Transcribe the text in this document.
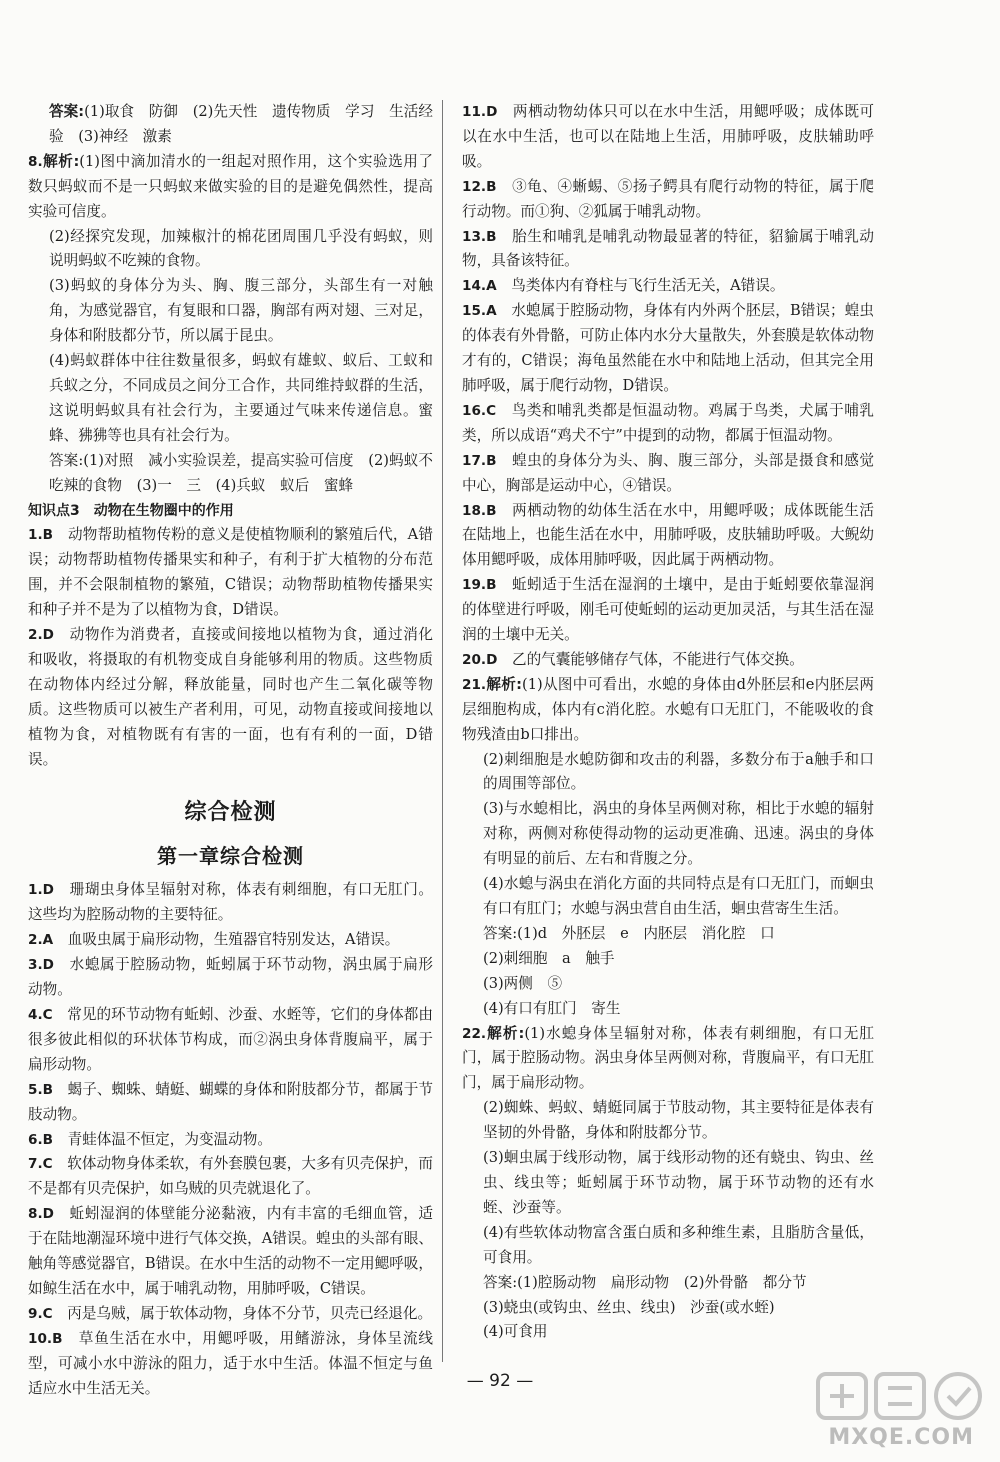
答案:(1)取食　防御　(2)先天性　遗传物质　学习　生活经验　(3)神经　激素

8.解析:(1)图中滴加清水的一组起对照作用，这个实验选用了数只蚂蚁而不是一只蚂蚁来做实验的目的是避免偶然性，提高实验可信度。

(2)经探究发现，加辣椒汁的棉花团周围几乎没有蚂蚁，则说明蚂蚁不吃辣的食物。

(3)蚂蚁的身体分为头、胸、腹三部分，头部生有一对触角，为感觉器官，有复眼和口器，胸部有两对翅、三对足，身体和附肢都分节，所以属于昆虫。

(4)蚂蚁群体中往往数量很多，蚂蚁有雄蚁、蚁后、工蚁和兵蚁之分，不同成员之间分工合作，共同维持蚁群的生活，这说明蚂蚁具有社会行为，主要通过气味来传递信息。蜜蜂、狒狒等也具有社会行为。

答案:(1)对照　减小实验误差，提高实验可信度　(2)蚂蚁不吃辣的食物　(3)一　三　(4)兵蚁　蚁后　蜜蜂

知识点3　动物在生物圈中的作用

1.B　 动物帮助植物传粉的意义是使植物顺利的繁殖后代，A错误；动物帮助植物传播果实和种子，有利于扩大植物的分布范围，并不会限制植物的繁殖，C错误；动物帮助植物传播果实和种子并不是为了以植物为食，D错误。

2.D　 动物作为消费者，直接或间接地以植物为食，通过消化和吸收，将摄取的有机物变成自身能够利用的物质。这些物质在动物体内经过分解，释放能量，同时也产生二氧化碳等物质。这些物质可以被生产者利用，可见，动物直接或间接地以植物为食，对植物既有有害的一面，也有有利的一面，D错误。

综合检测
第一章综合检测

1.D　 珊瑚虫身体呈辐射对称，体表有刺细胞，有口无肛门。这些均为腔肠动物的主要特征。

2.A　 血吸虫属于扁形动物，生殖器官特别发达，A错误。

3.D　 水螅属于腔肠动物，蚯蚓属于环节动物，涡虫属于扁形动物。

4.C　 常见的环节动物有蚯蚓、沙蚕、水蛭等，它们的身体都由很多彼此相似的环状体节构成，而②涡虫身体背腹扁平，属于扁形动物。

5.B　 蝎子、蜘蛛、蜻蜓、蝴蝶的身体和附肢都分节，都属于节肢动物。

6.B　 青蛙体温不恒定，为变温动物。

7.C　 软体动物身体柔软，有外套膜包裹，大多有贝壳保护，而不是都有贝壳保护，如乌贼的贝壳就退化了。

8.D　 蚯蚓湿润的体壁能分泌黏液，内有丰富的毛细血管，适于在陆地潮湿环境中进行气体交换，A错误。蝗虫的头部有眼、触角等感觉器官，B错误。在水中生活的动物不一定用鳃呼吸，如鲸生活在水中，属于哺乳动物，用肺呼吸，C错误。

9.C　 丙是乌贼，属于软体动物，身体不分节，贝壳已经退化。

10.B　 草鱼生活在水中，用鳃呼吸，用鳍游泳，身体呈流线型，可减小水中游泳的阻力，适于水中生活。体温不恒定与鱼适应水中生活无关。

11.D　 两栖动物幼体只可以在水中生活，用鳃呼吸；成体既可以在水中生活，也可以在陆地上生活，用肺呼吸，皮肤辅助呼吸。

12.B　 ③龟、④蜥蜴、⑤扬子鳄具有爬行动物的特征，属于爬行动物。而①狗、②狐属于哺乳动物。

13.B　 胎生和哺乳是哺乳动物最显著的特征，貂貐属于哺乳动物，具备该特征。

14.A　 鸟类体内有脊柱与飞行生活无关，A错误。

15.A　 水螅属于腔肠动物，身体有内外两个胚层，B错误；蝗虫的体表有外骨骼，可防止体内水分大量散失，外套膜是软体动物才有的，C错误；海龟虽然能在水中和陆地上活动，但其完全用肺呼吸，属于爬行动物，D错误。

16.C　 鸟类和哺乳类都是恒温动物。鸡属于鸟类，犬属于哺乳类，所以成语“鸡犬不宁”中提到的动物，都属于恒温动物。

17.B　 蝗虫的身体分为头、胸、腹三部分，头部是摄食和感觉中心，胸部是运动中心，④错误。

18.B　 两栖动物的幼体生活在水中，用鳃呼吸；成体既能生活在陆地上，也能生活在水中，用肺呼吸，皮肤辅助呼吸。大鲵幼体用鳃呼吸，成体用肺呼吸，因此属于两栖动物。

19.B　 蚯蚓适于生活在湿润的土壤中，是由于蚯蚓要依靠湿润的体壁进行呼吸，刚毛可使蚯蚓的运动更加灵活，与其生活在湿润的土壤中无关。

20.D　 乙的气囊能够储存气体，不能进行气体交换。

21.解析:(1)从图中可看出，水螅的身体由d外胚层和e内胚层两层细胞构成，体内有c消化腔。水螅有口无肛门，不能吸收的食物残渣由b口排出。

(2)刺细胞是水螅防御和攻击的利器，多数分布于a触手和口的周围等部位。

(3)与水螅相比，涡虫的身体呈两侧对称，相比于水螅的辐射对称，两侧对称使得动物的运动更准确、迅速。涡虫的身体有明显的前后、左右和背腹之分。

(4)水螅与涡虫在消化方面的共同特点是有口无肛门，而蛔虫有口有肛门；水螅与涡虫营自由生活，蛔虫营寄生生活。

答案:(1)d　外胚层　e　内胚层　消化腔　口

(2)刺细胞　a　触手

(3)两侧　⑤

(4)有口有肛门　寄生

22.解析:(1)水螅身体呈辐射对称，体表有刺细胞，有口无肛门，属于腔肠动物。涡虫身体呈两侧对称，背腹扁平，有口无肛门，属于扁形动物。

(2)蜘蛛、蚂蚁、蜻蜓同属于节肢动物，其主要特征是体表有坚韧的外骨骼，身体和附肢都分节。

(3)蛔虫属于线形动物，属于线形动物的还有蛲虫、钩虫、丝虫、线虫等；蚯蚓属于环节动物，属于环节动物的还有水蛭、沙蚕等。

(4)有些软体动物富含蛋白质和多种维生素，且脂肪含量低，可食用。

答案:(1)腔肠动物　扁形动物　(2)外骨骼　都分节

(3)蛲虫(或钩虫、丝虫、线虫)　沙蚕(或水蛭)

(4)可食用

— 92 —
MXQE.COM
